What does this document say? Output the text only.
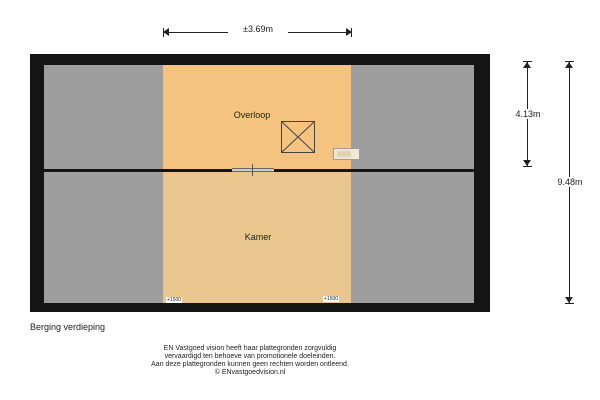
±3.69m
4.13m
9.48m
Overloop
Kamer
+1500	+1500
Berging verdieping
EN Vastgoed vision heeft haar plattegronden zorgvuldig
vervaardigd ten behoeve van promotionele doeleinden.
Aan deze plattegronden kunnen geen rechten worden ontleend.
© ENvastgoedvision.nl
